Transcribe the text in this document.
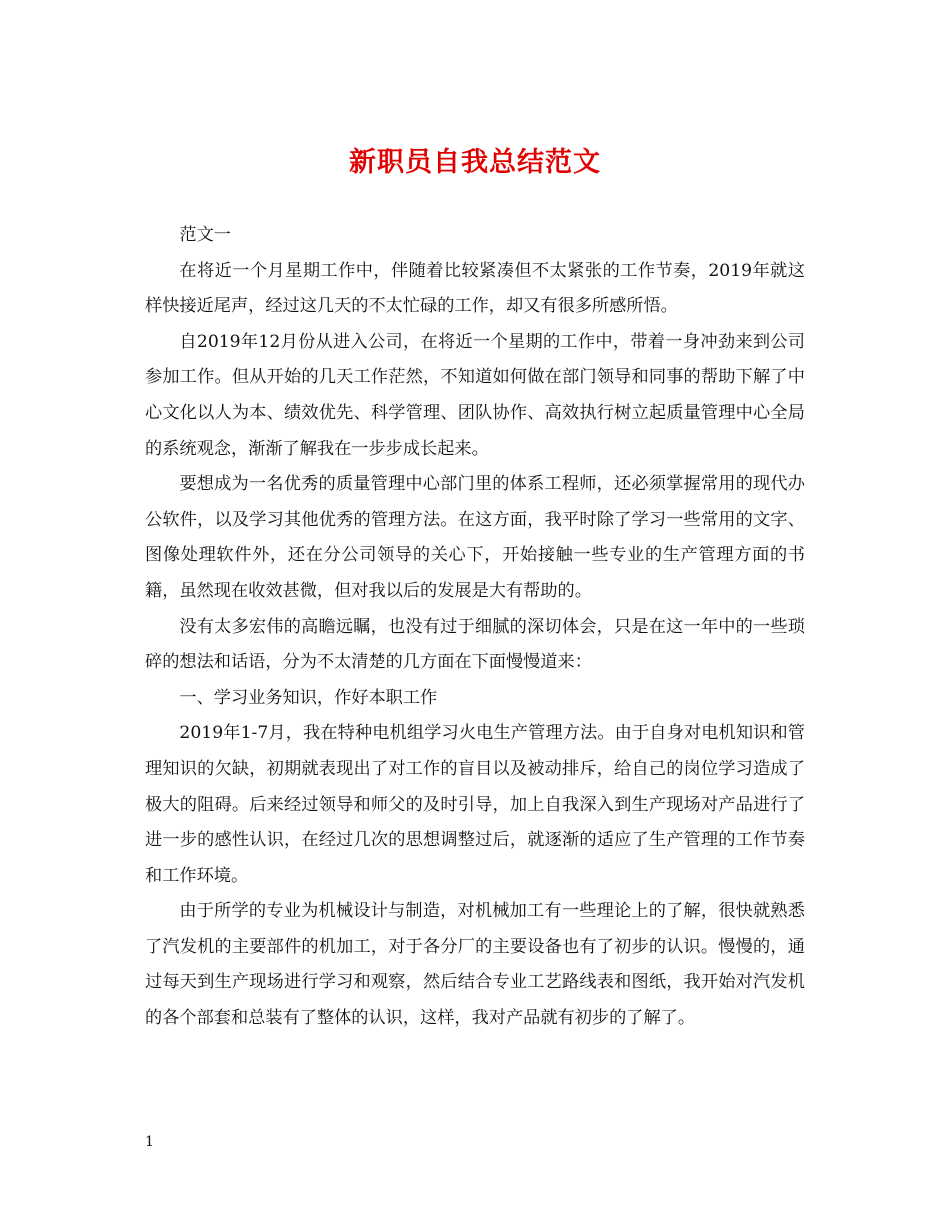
新职员自我总结范文

范文一

在将近一个月星期工作中，伴随着比较紧凑但不太紧张的工作节奏，2019年就这样快接近尾声，经过这几天的不太忙碌的工作，却又有很多所感所悟。

自2019年12月份从进入公司，在将近一个星期的工作中，带着一身冲劲来到公司参加工作。但从开始的几天工作茫然，不知道如何做在部门领导和同事的帮助下解了中心文化以人为本、绩效优先、科学管理、团队协作、高效执行树立起质量管理中心全局的系统观念，渐渐了解我在一步步成长起来。

要想成为一名优秀的质量管理中心部门里的体系工程师，还必须掌握常用的现代办公软件，以及学习其他优秀的管理方法。在这方面，我平时除了学习一些常用的文字、图像处理软件外，还在分公司领导的关心下，开始接触一些专业的生产管理方面的书籍，虽然现在收效甚微，但对我以后的发展是大有帮助的。

没有太多宏伟的高瞻远瞩，也没有过于细腻的深切体会，只是在这一年中的一些琐碎的想法和话语，分为不太清楚的几方面在下面慢慢道来：

一、学习业务知识，作好本职工作

2019年1-7月，我在特种电机组学习火电生产管理方法。由于自身对电机知识和管理知识的欠缺，初期就表现出了对工作的盲目以及被动排斥，给自己的岗位学习造成了极大的阻碍。后来经过领导和师父的及时引导，加上自我深入到生产现场对产品进行了进一步的感性认识，在经过几次的思想调整过后，就逐渐的适应了生产管理的工作节奏和工作环境。

由于所学的专业为机械设计与制造，对机械加工有一些理论上的了解，很快就熟悉了汽发机的主要部件的机加工，对于各分厂的主要设备也有了初步的认识。慢慢的，通过每天到生产现场进行学习和观察，然后结合专业工艺路线表和图纸，我开始对汽发机的各个部套和总装有了整体的认识，这样，我对产品就有初步的了解了。

1
